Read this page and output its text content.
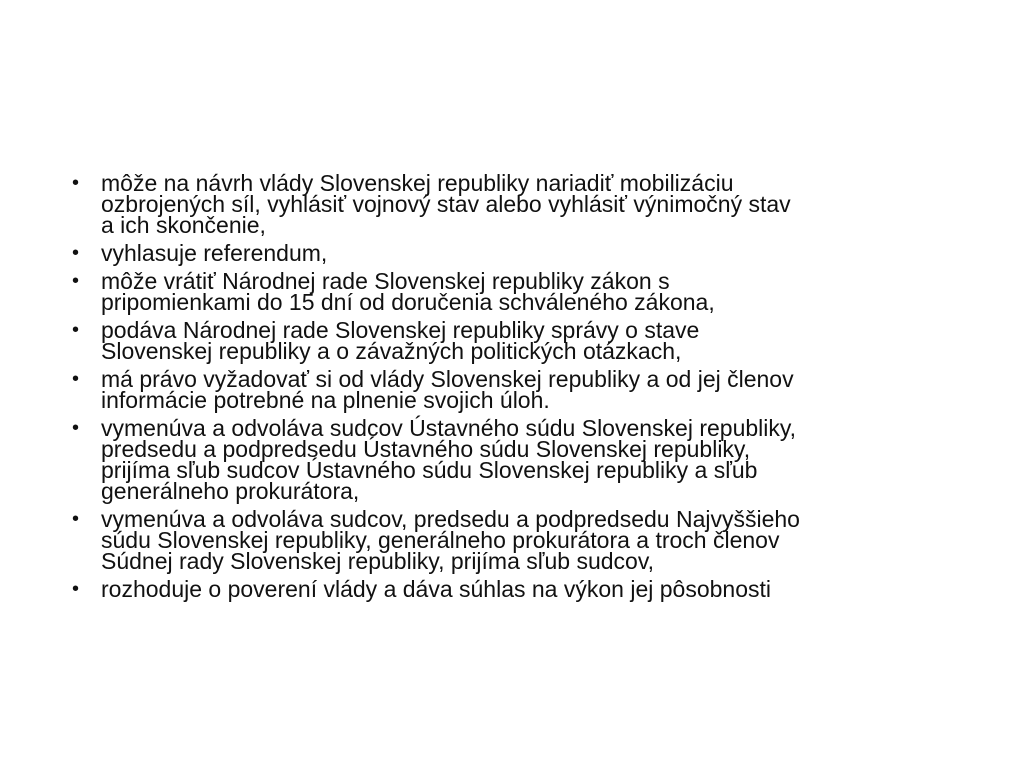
• môže na návrh vlády Slovenskej republiky nariadiť mobilizáciu
ozbrojených síl, vyhlásiť vojnový stav alebo vyhlásiť výnimočný stav
a ich skončenie,
• vyhlasuje referendum,
• môže vrátiť Národnej rade Slovenskej republiky zákon s
pripomienkami do 15 dní od doručenia schváleného zákona,
• podáva Národnej rade Slovenskej republiky správy o stave
Slovenskej republiky a o závažných politických otázkach,
• má právo vyžadovať si od vlády Slovenskej republiky a od jej členov
informácie potrebné na plnenie svojich úloh.
• vymenúva a odvoláva sudcov Ústavného súdu Slovenskej republiky,
predsedu a podpredsedu Ústavného súdu Slovenskej republiky,
prijíma sľub sudcov Ústavného súdu Slovenskej republiky a sľub
generálneho prokurátora,
• vymenúva a odvoláva sudcov, predsedu a podpredsedu Najvyššieho
súdu Slovenskej republiky, generálneho prokurátora a troch členov
Súdnej rady Slovenskej republiky, prijíma sľub sudcov,
• rozhoduje o poverení vlády a dáva súhlas na výkon jej pôsobnosti
